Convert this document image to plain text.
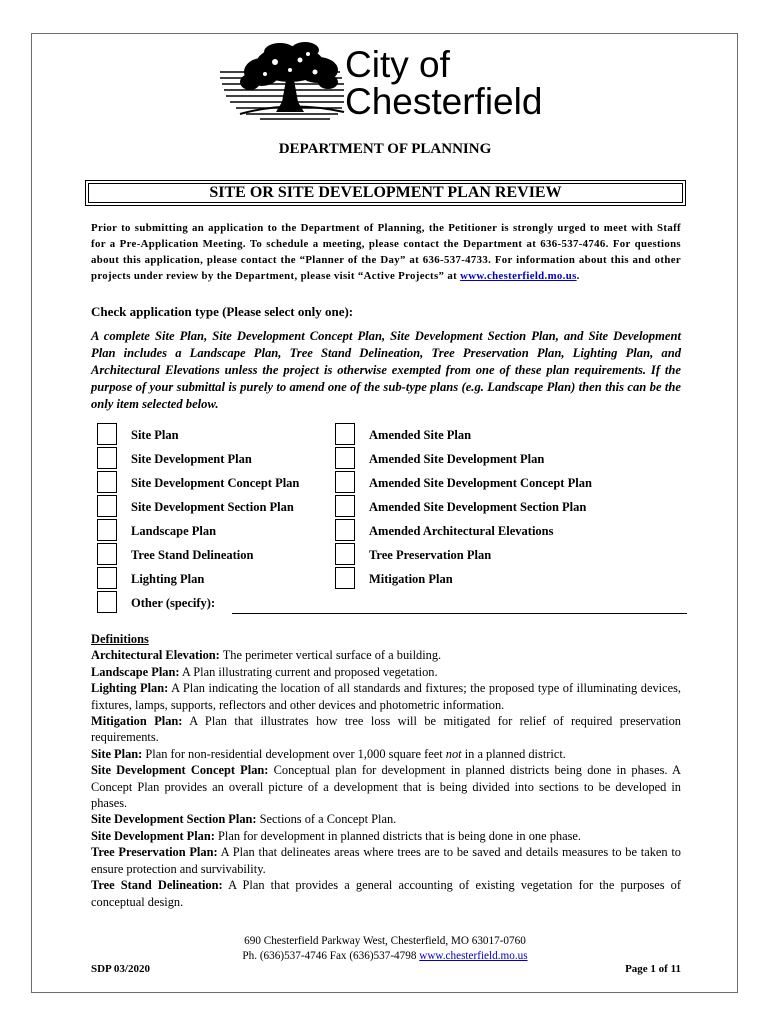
City of
Chesterfield
DEPARTMENT OF PLANNING
SITE OR SITE DEVELOPMENT PLAN REVIEW
Prior to submitting an application to the Department of Planning, the Petitioner is strongly urged to meet with Staff for a Pre-Application Meeting. To schedule a meeting, please contact the Department at 636-537-4746. For questions about this application, please contact the “Planner of the Day” at 636-537-4733. For information about this and other projects under review by the Department, please visit “Active Projects” at www.chesterfield.mo.us.
Check application type (Please select only one):
A complete Site Plan, Site Development Concept Plan, Site Development Section Plan, and Site Development Plan includes a Landscape Plan, Tree Stand Delineation, Tree Preservation Plan, Lighting Plan, and Architectural Elevations unless the project is otherwise exempted from one of these plan requirements. If the purpose of your submittal is purely to amend one of the sub-type plans (e.g. Landscape Plan) then this can be the only item selected below.
Site Plan
Site Development Plan
Site Development Concept Plan
Site Development Section Plan
Landscape Plan
Tree Stand Delineation
Lighting Plan
Other (specify):
Amended Site Plan
Amended Site Development Plan
Amended Site Development Concept Plan
Amended Site Development Section Plan
Amended Architectural Elevations
Tree Preservation Plan
Mitigation Plan

Definitions

Architectural Elevation: The perimeter vertical surface of a building.

Landscape Plan: A Plan illustrating current and proposed vegetation.

Lighting Plan: A Plan indicating the location of all standards and fixtures; the proposed type of illuminating devices, fixtures, lamps, supports, reflectors and other devices and photometric information.

Mitigation Plan: A Plan that illustrates how tree loss will be mitigated for relief of required preservation requirements.

Site Plan: Plan for non-residential development over 1,000 square feet not in a planned district.

Site Development Concept Plan: Conceptual plan for development in planned districts being done in phases. A Concept Plan provides an overall picture of a development that is being divided into sections to be developed in phases.

Site Development Section Plan: Sections of a Concept Plan.

Site Development Plan: Plan for development in planned districts that is being done in one phase.

Tree Preservation Plan: A Plan that delineates areas where trees are to be saved and details measures to be taken to ensure protection and survivability.

Tree Stand Delineation: A Plan that provides a general accounting of existing vegetation for the purposes of conceptual design.

690 Chesterfield Parkway West, Chesterfield, MO 63017-0760
Ph. (636)537-4746 Fax (636)537-4798 www.chesterfield.mo.us
SDP 03/2020	Page 1 of 11
